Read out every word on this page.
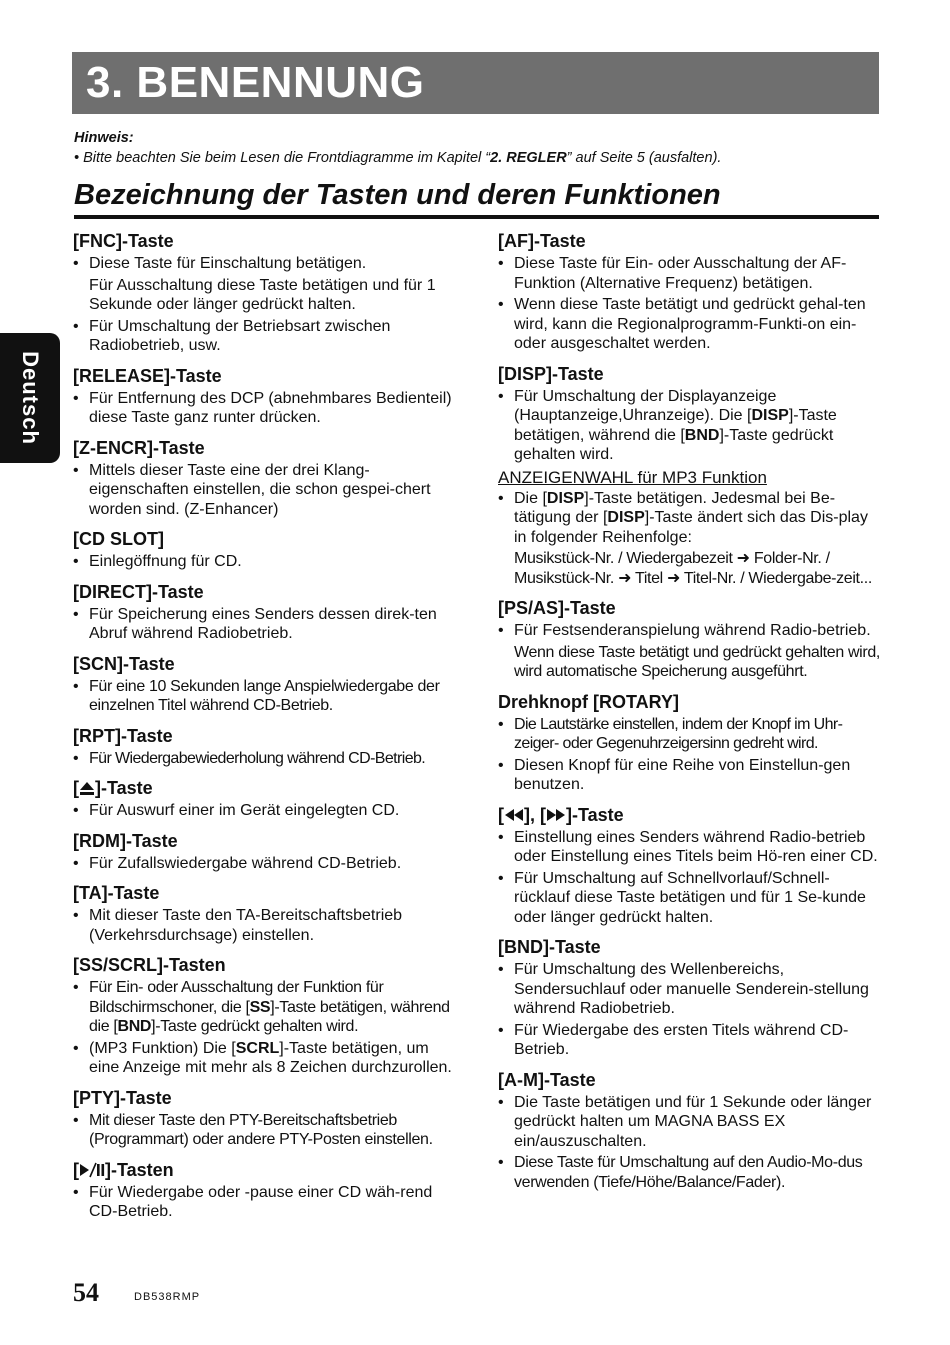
3. BENENNUNG
Hinweis:
• Bitte beachten Sie beim Lesen die Frontdiagramme im Kapitel “2. REGLER” auf Seite 5 (ausfalten).
Bezeichnung der Tasten und deren Funktionen
Deutsch
[FNC]-Taste
• Diese Taste für Einschaltung betätigen.
Für Ausschaltung diese Taste betätigen und für 1 Sekunde oder länger gedrückt halten.
• Für Umschaltung der Betriebsart zwischen Radiobetrieb, usw.
[RELEASE]-Taste
• Für Entfernung des DCP (abnehmbares Bedienteil) diese Taste ganz runter drücken.
[Z-ENCR]-Taste
• Mittels dieser Taste eine der drei Klang-eigenschaften einstellen, die schon gespei-chert worden sind. (Z-Enhancer)
[CD SLOT]
• Einlegöffnung für CD.
[DIRECT]-Taste
• Für Speicherung eines Senders dessen direk-ten Abruf während Radiobetrieb.
[SCN]-Taste
• Für eine 10 Sekunden lange Anspielwiedergabe der einzelnen Titel während CD-Betrieb.
[RPT]-Taste
• Für Wiedergabewiederholung während CD-Betrieb.
[ ]-Taste
• Für Auswurf einer im Gerät eingelegten CD.
[RDM]-Taste
• Für Zufallswiedergabe während CD-Betrieb.
[TA]-Taste
• Mit dieser Taste den TA-Bereitschaftsbetrieb (Verkehrsdurchsage) einstellen.
[SS/SCRL]-Tasten
• Für Ein- oder Ausschaltung der Funktion für Bildschirmschoner, die [SS]-Taste betätigen, während die [BND]-Taste gedrückt gehalten wird.
• (MP3 Funktion) Die [SCRL]-Taste betätigen, um eine Anzeige mit mehr als 8 Zeichen durchzurollen.
[PTY]-Taste
• Mit dieser Taste den PTY-Bereitschaftsbetrieb (Programmart) oder andere PTY-Posten einstellen.
[ ]-Tasten
• Für Wiedergabe oder -pause einer CD wäh-rend CD-Betrieb.
[AF]-Taste
• Diese Taste für Ein- oder Ausschaltung der AF-Funktion (Alternative Frequenz) betätigen.
• Wenn diese Taste betätigt und gedrückt gehal-ten wird, kann die Regionalprogramm-Funkti-on ein- oder ausgeschaltet werden.
[DISP]-Taste
• Für Umschaltung der Displayanzeige (Hauptanzeige,Uhranzeige). Die [DISP]-Taste betätigen, während die [BND]-Taste gedrückt gehalten wird.
ANZEIGENWAHL für MP3 Funktion
• Die [DISP]-Taste betätigen. Jedesmal bei Be-tätigung der [DISP]-Taste ändert sich das Dis-play in folgender Reihenfolge:
Musikstück-Nr. / Wiedergabezeit ➜ Folder-Nr. / Musikstück-Nr. ➜ Titel ➜ Titel-Nr. / Wiedergabe-zeit...
[PS/AS]-Taste
• Für Festsenderanspielung während Radio-betrieb.
Wenn diese Taste betätigt und gedrückt gehalten wird, wird automatische Speicherung ausgeführt.
Drehknopf [ROTARY]
• Die Lautstärke einstellen, indem der Knopf im Uhr-zeiger- oder Gegenuhrzeigersinn gedreht wird.
• Diesen Knopf für eine Reihe von Einstellun-gen benutzen.
[ ], [ ]-Taste
• Einstellung eines Senders während Radio-betrieb oder Einstellung eines Titels beim Hö-ren einer CD.
• Für Umschaltung auf Schnellvorlauf/Schnell-rücklauf diese Taste betätigen und für 1 Se-kunde oder länger gedrückt halten.
[BND]-Taste
• Für Umschaltung des Wellenbereichs, Sendersuchlauf oder manuelle Senderein-stellung während Radiobetrieb.
• Für Wiedergabe des ersten Titels während CD-Betrieb.
[A-M]-Taste
• Die Taste betätigen und für 1 Sekunde oder länger gedrückt halten um MAGNA BASS EX ein/auszuschalten.
• Diese Taste für Umschaltung auf den Audio-Mo-dus verwenden (Tiefe/Höhe/Balance/Fader).
54	DB538RMP
